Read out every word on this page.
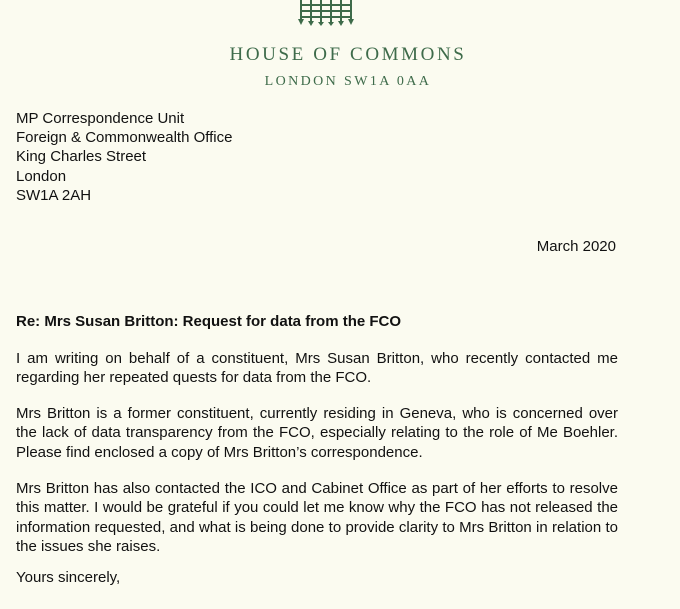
HOUSE OF COMMONS
LONDON SW1A 0AA
MP Correspondence Unit
Foreign & Commonwealth Office
King Charles Street
London
SW1A 2AH
March 2020
Re: Mrs Susan Britton: Request for data from the FCO

I am writing on behalf of a constituent, Mrs Susan Britton, who recently contacted me regarding her repeated quests for data from the FCO.

Mrs Britton is a former constituent, currently residing in Geneva, who is concerned over the lack of data transparency from the FCO, especially relating to the role of Me Boehler. Please find enclosed a copy of Mrs Britton’s correspondence.

Mrs Britton has also contacted the ICO and Cabinet Office as part of her efforts to resolve this matter. I would be grateful if you could let me know why the FCO has not released the information requested, and what is being done to provide clarity to Mrs Britton in relation to the issues she raises.

Yours sincerely,
